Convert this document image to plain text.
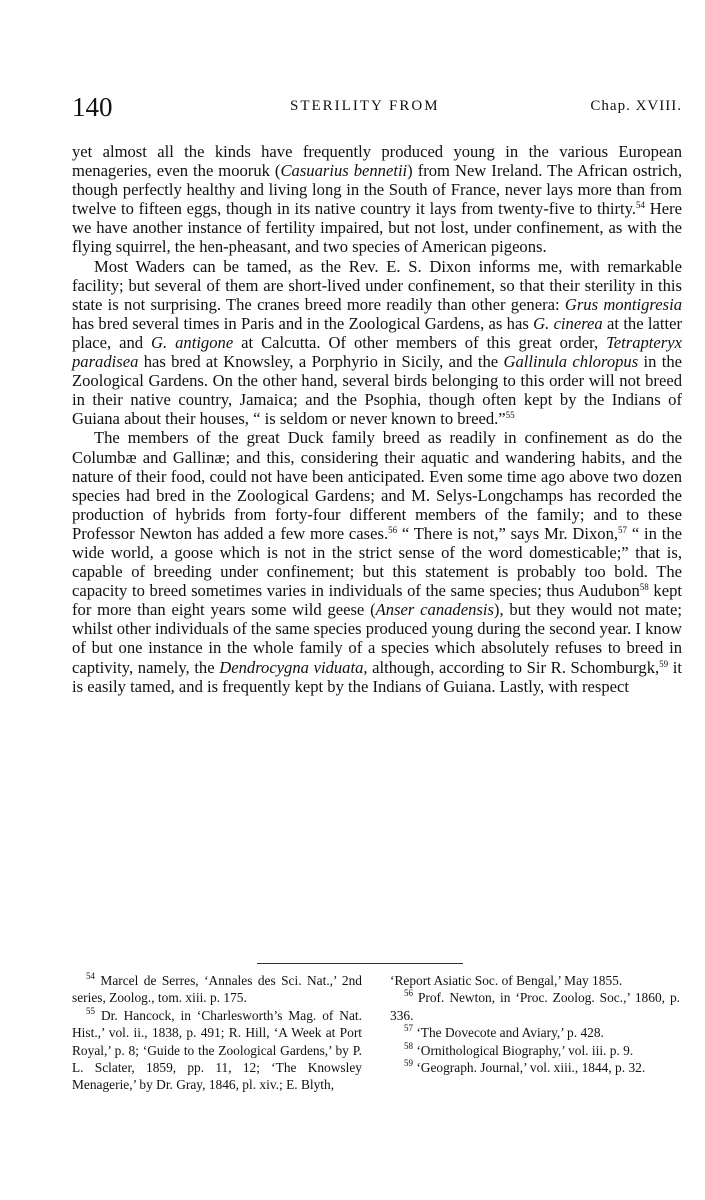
140	STERILITY FROM	Chap. XVIII.

yet almost all the kinds have frequently produced young in the various European menageries, even the mooruk (Casuarius bennetii) from New Ireland. The African ostrich, though perfectly healthy and living long in the South of France, never lays more than from twelve to fifteen eggs, though in its native country it lays from twenty-five to thirty.$^{54}$ Here we have another instance of fertility impaired, but not lost, under confinement, as with the flying squirrel, the hen-pheasant, and two species of American pigeons.

Most Waders can be tamed, as the Rev. E. S. Dixon informs me, with remarkable facility; but several of them are short-lived under confinement, so that their sterility in this state is not surprising. The cranes breed more readily than other genera: Grus montigresia has bred several times in Paris and in the Zoological Gardens, as has G. cinerea at the latter place, and G. antigone at Calcutta. Of other members of this great order, Tetrapteryx paradisea has bred at Knowsley, a Porphyrio in Sicily, and the Gallinula chloropus in the Zoological Gardens. On the other hand, several birds belonging to this order will not breed in their native country, Jamaica; and the Psophia, though often kept by the Indians of Guiana about their houses, “ is seldom or never known to breed.”$^{55}$

The members of the great Duck family breed as readily in confinement as do the Columbæ and Gallinæ; and this, considering their aquatic and wandering habits, and the nature of their food, could not have been anticipated. Even some time ago above two dozen species had bred in the Zoological Gardens; and M. Selys-Longchamps has recorded the production of hybrids from forty-four different members of the family; and to these Professor Newton has added a few more cases.$^{56}$ “ There is not,” says Mr. Dixon,$^{57}$ “ in the wide world, a goose which is not in the strict sense of the word domesticable;” that is, capable of breeding under confinement; but this statement is probably too bold. The capacity to breed sometimes varies in individuals of the same species; thus Audubon$^{58}$ kept for more than eight years some wild geese (Anser canadensis), but they would not mate; whilst other individuals of the same species produced young during the second year. I know of but one instance in the whole family of a species which absolutely refuses to breed in captivity, namely, the Dendrocygna viduata, although, according to Sir R. Schomburgk,$^{59}$ it is easily tamed, and is frequently kept by the Indians of Guiana. Lastly, with respect

$^{54}$ Marcel de Serres, ‘Annales des Sci. Nat.,’ 2nd series, Zoolog., tom. xiii. p. 175.

$^{55}$ Dr. Hancock, in ‘Charlesworth’s Mag. of Nat. Hist.,’ vol. ii., 1838, p. 491; R. Hill, ‘A Week at Port Royal,’ p. 8; ‘Guide to the Zoological Gardens,’ by P. L. Sclater, 1859, pp. 11, 12; ‘The Knowsley Menagerie,’ by Dr. Gray, 1846, pl. xiv.; E. Blyth,

‘Report Asiatic Soc. of Bengal,’ May 1855.

$^{56}$ Prof. Newton, in ‘Proc. Zoolog. Soc.,’ 1860, p. 336.

$^{57}$ ‘The Dovecote and Aviary,’ p. 428.

$^{58}$ ‘Ornithological Biography,’ vol. iii. p. 9.

$^{59}$ ‘Geograph. Journal,’ vol. xiii., 1844, p. 32.
